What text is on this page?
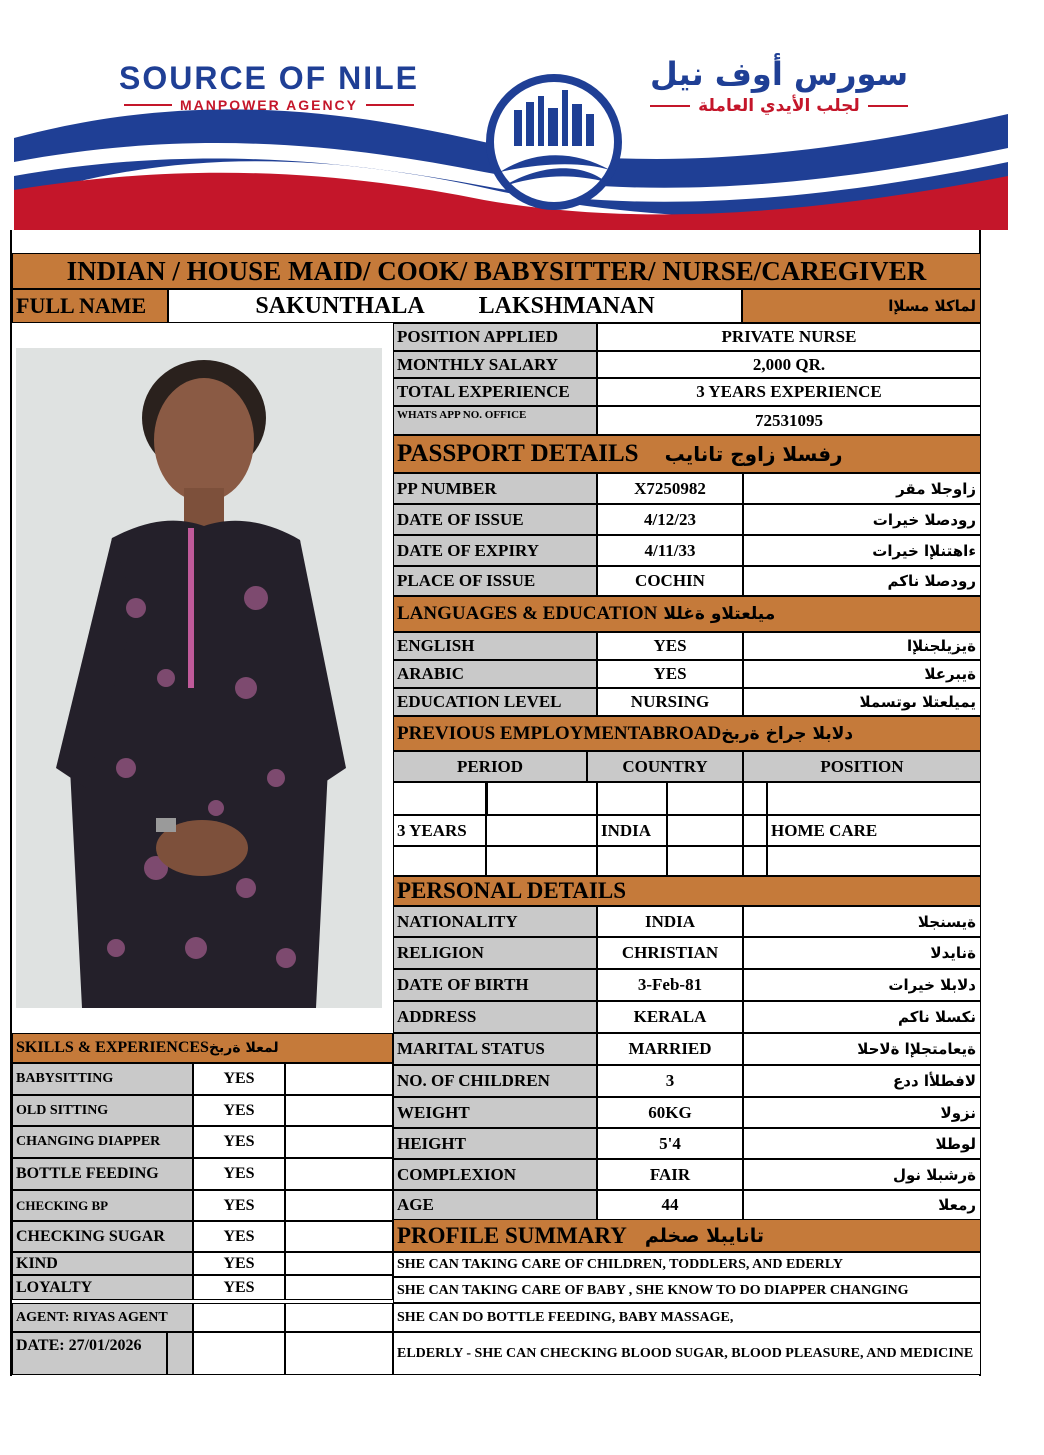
SOURCE OF NILE
MANPOWER AGENCY
سورس أوف نيل
لجلب الأيدي العاملة
INDIAN / HOUSE MAID/ COOK/ BABYSITTER/ NURSE/CAREGIVER
FULL NAME	SAKUNTHALA LAKSHMANAN	لماكلا مسلإا
POSITION APPLIED	PRIVATE NURSE
MONTHLY SALARY	2,000 QR.
TOTAL EXPERIENCE	3 YEARS EXPERIENCE
WHATS APP NO. OFFICE	72531095
PASSPORT DETAILS رفسلا زاوج تانايب
PP NUMBER	X7250982	زاوجلا مقر
DATE OF ISSUE	4/12/23	رودصلا خيرات
DATE OF EXPIRY	4/11/33	ءاهتنلإا خيرات
PLACE OF ISSUE	COCHIN	رودصلا ناكم
LANGUAGES & EDUCATION ميلعتلاو ةغللا
ENGLISH	YES	ةيزيلجنلإا
ARABIC	YES	ةيبرعلا
EDUCATION LEVEL	NURSING	يميلعتلا ىوتسملا
PREVIOUS EMPLOYMENTABROAD دلابلا جراخ ةربخ
PERIOD	COUNTRY	POSITION
3 YEARS	INDIA	HOME CARE
PERSONAL DETAILS
NATIONALITY	INDIA	ةيسنجلا
RELIGION	CHRISTIAN	ةنايدلا
DATE OF BIRTH	3-Feb-81	دلابلا خيرات
ADDRESS	KERALA	نكسلا ناكم
MARITAL STATUS	MARRIED	ةيعامتجلإا ةلاحلا
NO. OF CHILDREN	3	لافطلأا ددع
WEIGHT	60KG	نزولا
HEIGHT	5'4	لوطلا
COMPLEXION	FAIR	ةرشبلا نول
AGE	44	رمعلا
PROFILE SUMMARY تانايبلا صخلم
SHE CAN TAKING CARE OF CHILDREN, TODDLERS, AND EDERLY
SHE CAN TAKING CARE OF BABY , SHE KNOW TO DO DIAPPER CHANGING
SHE CAN DO BOTTLE FEEDING, BABY MASSAGE,
ELDERLY - SHE CAN CHECKING BLOOD SUGAR, BLOOD PLEASURE, AND MEDICINE
SKILLS & EXPERIENCES لمعلا ةربخ
BABYSITTING	YES
OLD SITTING	YES
CHANGING DIAPPER	YES
BOTTLE FEEDING	YES
CHECKING BP	YES
CHECKING SUGAR	YES
KIND	YES
LOYALTY	YES
AGENT: RIYAS AGENT
DATE: 27/01/2026
